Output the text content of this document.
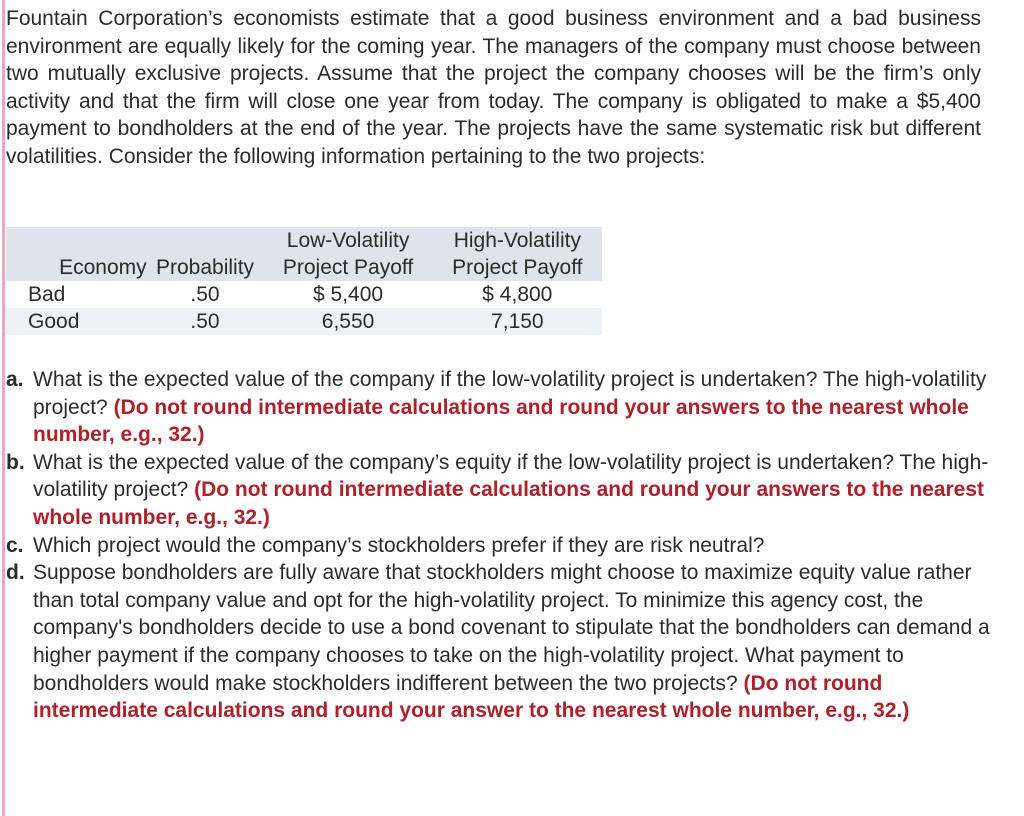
Fountain Corporation’s economists estimate that a good business environment and a bad business environment are equally likely for the coming year. The managers of the company must choose between two mutually exclusive projects. Assume that the project the company chooses will be the firm’s only activity and that the firm will close one year from today. The company is obligated to make a $5,400 payment to bondholders at the end of the year. The projects have the same systematic risk but different volatilities. Consider the following information pertaining to the two projects:

		Low-Volatility	High-Volatility
Economy	Probability	Project Payoff	Project Payoff
Bad	.50	$ 5,400	$ 4,800
Good	.50	6,550	7,150
a. What is the expected value of the company if the low-volatility project is undertaken? The high-volatility project? (Do not round intermediate calculations and round your answers to the nearest whole number, e.g., 32.)
b. What is the expected value of the company’s equity if the low-volatility project is undertaken? The high-volatility project? (Do not round intermediate calculations and round your answers to the nearest whole number, e.g., 32.)
c. Which project would the company’s stockholders prefer if they are risk neutral?
d. Suppose bondholders are fully aware that stockholders might choose to maximize equity value rather than total company value and opt for the high-volatility project. To minimize this agency cost, the company's bondholders decide to use a bond covenant to stipulate that the bondholders can demand a higher payment if the company chooses to take on the high-volatility project. What payment to bondholders would make stockholders indifferent between the two projects? (Do not round intermediate calculations and round your answer to the nearest whole number, e.g., 32.)
